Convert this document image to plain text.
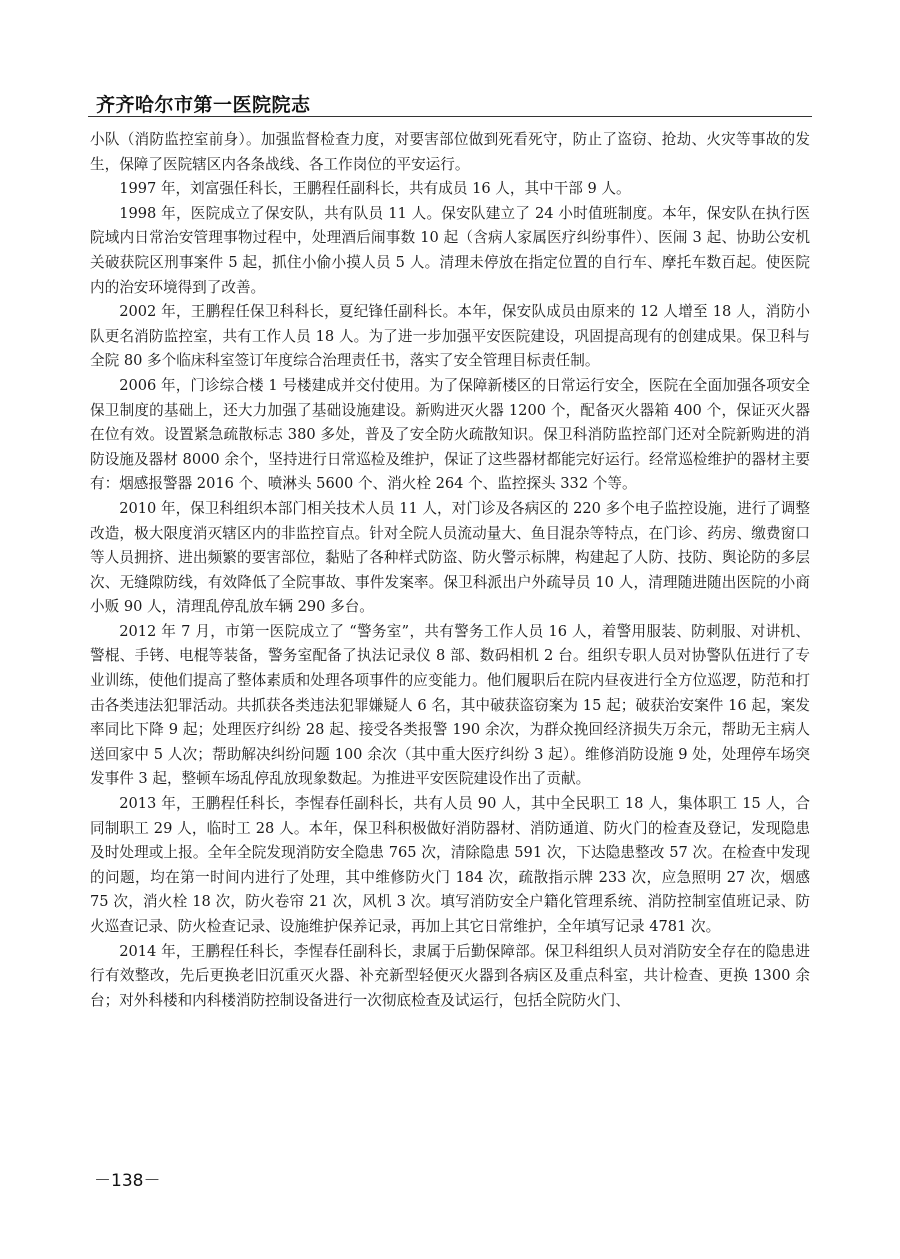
齐齐哈尔市第一医院院志

小队（消防监控室前身）。加强监督检查力度，对要害部位做到死看死守，防止了盗窃、抢劫、火灾等事故的发生，保障了医院辖区内各条战线、各工作岗位的平安运行。

1997 年，刘富强任科长，王鹏程任副科长，共有成员 16 人，其中干部 9 人。

1998 年，医院成立了保安队，共有队员 11 人。保安队建立了 24 小时值班制度。本年，保安队在执行医院域内日常治安管理事物过程中，处理酒后闹事数 10 起（含病人家属医疗纠纷事件）、医闹 3 起、协助公安机关破获院区刑事案件 5 起，抓住小偷小摸人员 5 人。清理未停放在指定位置的自行车、摩托车数百起。使医院内的治安环境得到了改善。

2002 年，王鹏程任保卫科科长，夏纪锋任副科长。本年，保安队成员由原来的 12 人增至 18 人，消防小队更名消防监控室，共有工作人员 18 人。为了进一步加强平安医院建设，巩固提高现有的创建成果。保卫科与全院 80 多个临床科室签订年度综合治理责任书，落实了安全管理目标责任制。

2006 年，门诊综合楼 1 号楼建成并交付使用。为了保障新楼区的日常运行安全，医院在全面加强各项安全保卫制度的基础上，还大力加强了基础设施建设。新购进灭火器 1200 个，配备灭火器箱 400 个，保证灭火器在位有效。设置紧急疏散标志 380 多处，普及了安全防火疏散知识。保卫科消防监控部门还对全院新购进的消防设施及器材 8000 余个，坚持进行日常巡检及维护，保证了这些器材都能完好运行。经常巡检维护的器材主要有：烟感报警器 2016 个、喷淋头 5600 个、消火栓 264 个、监控探头 332 个等。

2010 年，保卫科组织本部门相关技术人员 11 人，对门诊及各病区的 220 多个电子监控设施，进行了调整改造，极大限度消灭辖区内的非监控盲点。针对全院人员流动量大、鱼目混杂等特点，在门诊、药房、缴费窗口等人员拥挤、进出频繁的要害部位，黏贴了各种样式防盗、防火警示标牌，构建起了人防、技防、舆论防的多层次、无缝隙防线，有效降低了全院事故、事件发案率。保卫科派出户外疏导员 10 人，清理随进随出医院的小商小贩 90 人，清理乱停乱放车辆 290 多台。

2012 年 7 月，市第一医院成立了 “警务室”，共有警务工作人员 16 人，着警用服装、防刺服、对讲机、警棍、手铐、电棍等装备，警务室配备了执法记录仪 8 部、数码相机 2 台。组织专职人员对协警队伍进行了专业训练，使他们提高了整体素质和处理各项事件的应变能力。他们履职后在院内昼夜进行全方位巡逻，防范和打击各类违法犯罪活动。共抓获各类违法犯罪嫌疑人 6 名，其中破获盗窃案为 15 起；破获治安案件 16 起，案发率同比下降 9 起；处理医疗纠纷 28 起、接受各类报警 190 余次，为群众挽回经济损失万余元，帮助无主病人送回家中 5 人次；帮助解决纠纷问题 100 余次（其中重大医疗纠纷 3 起）。维修消防设施 9 处，处理停车场突发事件 3 起，整顿车场乱停乱放现象数起。为推进平安医院建设作出了贡献。

2013 年，王鹏程任科长，李惺春任副科长，共有人员 90 人，其中全民职工 18 人，集体职工 15 人，合同制职工 29 人，临时工 28 人。本年，保卫科积极做好消防器材、消防通道、防火门的检查及登记，发现隐患及时处理或上报。全年全院发现消防安全隐患 765 次，清除隐患 591 次，下达隐患整改 57 次。在检查中发现的问题，均在第一时间内进行了处理，其中维修防火门 184 次，疏散指示牌 233 次，应急照明 27 次，烟感 75 次，消火栓 18 次，防火卷帘 21 次，风机 3 次。填写消防安全户籍化管理系统、消防控制室值班记录、防火巡查记录、防火检查记录、设施维护保养记录，再加上其它日常维护，全年填写记录 4781 次。

2014 年，王鹏程任科长，李惺春任副科长，隶属于后勤保障部。保卫科组织人员对消防安全存在的隐患进行有效整改，先后更换老旧沉重灭火器、补充新型轻便灭火器到各病区及重点科室，共计检查、更换 1300 余台；对外科楼和内科楼消防控制设备进行一次彻底检查及试运行，包括全院防火门、

－138－
